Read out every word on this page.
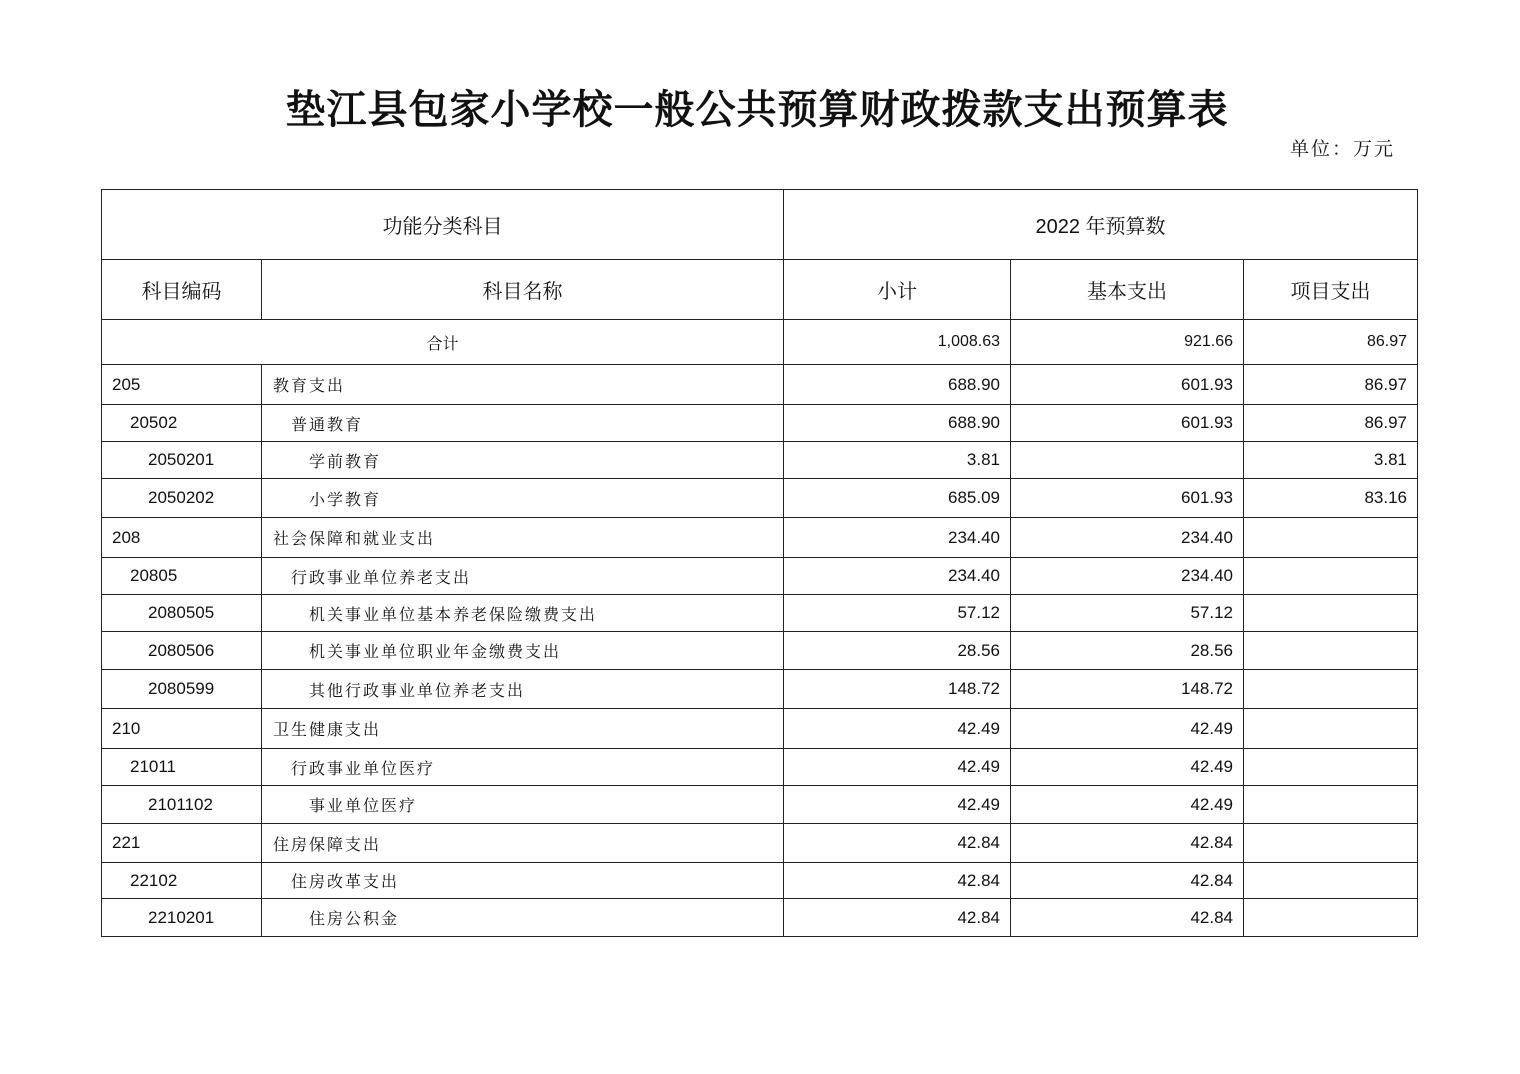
垫江县包家小学校一般公共预算财政拨款支出预算表
单位：万元
功能分类科目		2022 年预算数		
科目编码	科目名称	小计	基本支出	项目支出
合计		1,008.63	921.66	86.97
205	教育支出	688.90	601.93	86.97
20502	普通教育	688.90	601.93	86.97
2050201	学前教育	3.81		3.81
2050202	小学教育	685.09	601.93	83.16
208	社会保障和就业支出	234.40	234.40	
20805	行政事业单位养老支出	234.40	234.40	
2080505	机关事业单位基本养老保险缴费支出	57.12	57.12	
2080506	机关事业单位职业年金缴费支出	28.56	28.56	
2080599	其他行政事业单位养老支出	148.72	148.72	
210	卫生健康支出	42.49	42.49	
21011	行政事业单位医疗	42.49	42.49	
2101102	事业单位医疗	42.49	42.49	
221	住房保障支出	42.84	42.84	
22102	住房改革支出	42.84	42.84	
2210201	住房公积金	42.84	42.84	
